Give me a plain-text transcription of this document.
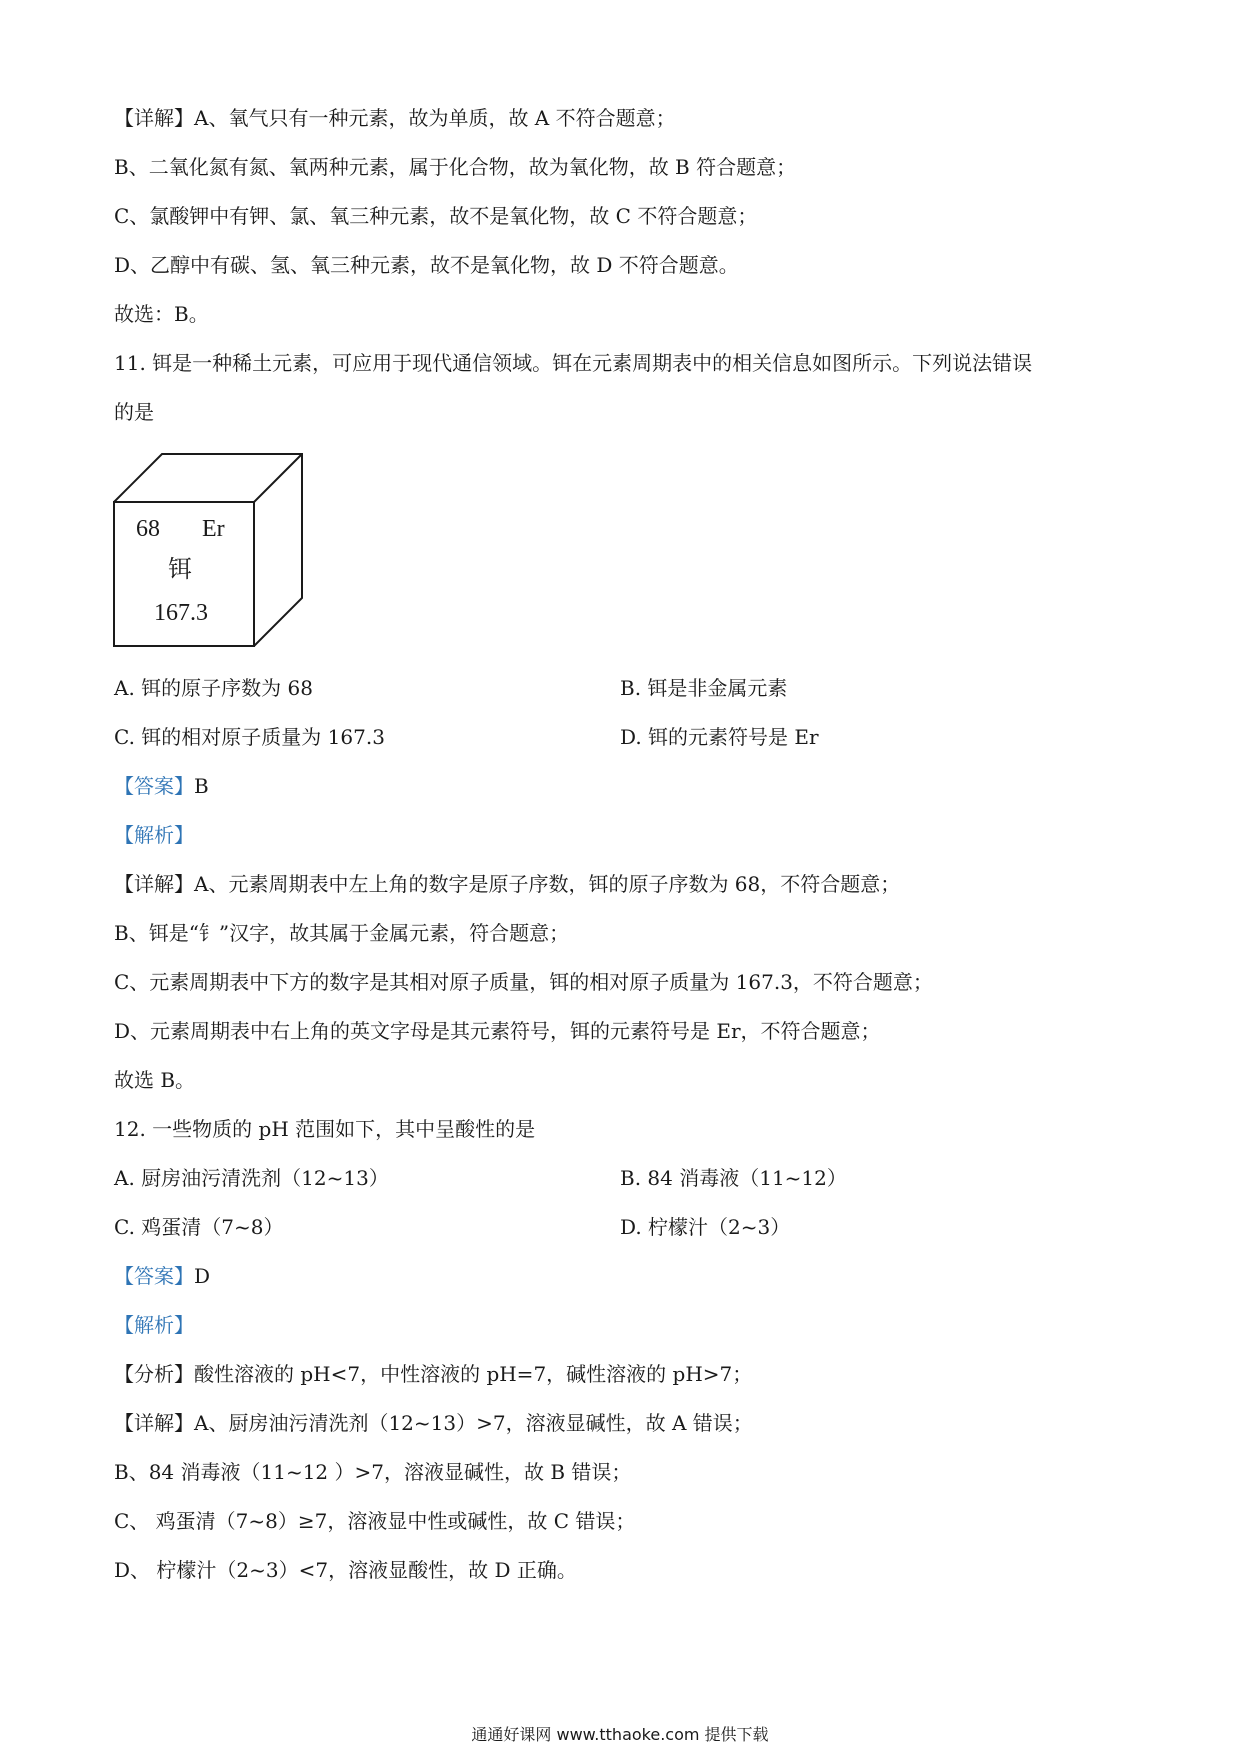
【详解】A、氧气只有一种元素，故为单质，故 A 不符合题意；
B、二氧化氮有氮、氧两种元素，属于化合物，故为氧化物，故 B 符合题意；
C、氯酸钾中有钾、氯、氧三种元素，故不是氧化物，故 C 不符合题意；
D、乙醇中有碳、氢、氧三种元素，故不是氧化物，故 D 不符合题意。
故选：B。
11. 铒是一种稀土元素，可应用于现代通信领域。铒在元素周期表中的相关信息如图所示。下列说法错误
的是
68 Er
铒
167.3
A. 铒的原子序数为 68	B. 铒是非金属元素
C. 铒的相对原子质量为 167.3	D. 铒的元素符号是 Er
【答案】B
【解析】
【详解】A、元素周期表中左上角的数字是原子序数，铒的原子序数为 68，不符合题意；
B、铒是“钅”汉字，故其属于金属元素，符合题意；
C、元素周期表中下方的数字是其相对原子质量，铒的相对原子质量为 167.3，不符合题意；
D、元素周期表中右上角的英文字母是其元素符号，铒的元素符号是 Er，不符合题意；
故选 B。
12. 一些物质的 pH 范围如下，其中呈酸性的是
A. 厨房油污清洗剂（12~13）	B. 84 消毒液（11~12）
C. 鸡蛋清（7~8）	D. 柠檬汁（2~3）
【答案】D
【解析】
【分析】酸性溶液的 pH<7，中性溶液的 pH=7，碱性溶液的 pH>7；
【详解】A、厨房油污清洗剂（12~13）>7，溶液显碱性，故 A 错误；
B、84 消毒液（11~12 ）>7，溶液显碱性，故 B 错误；
C、 鸡蛋清（7~8）≥7，溶液显中性或碱性，故 C 错误；
D、 柠檬汁（2~3）<7，溶液显酸性，故 D 正确。
通通好课网 www.tthaoke.com 提供下载
